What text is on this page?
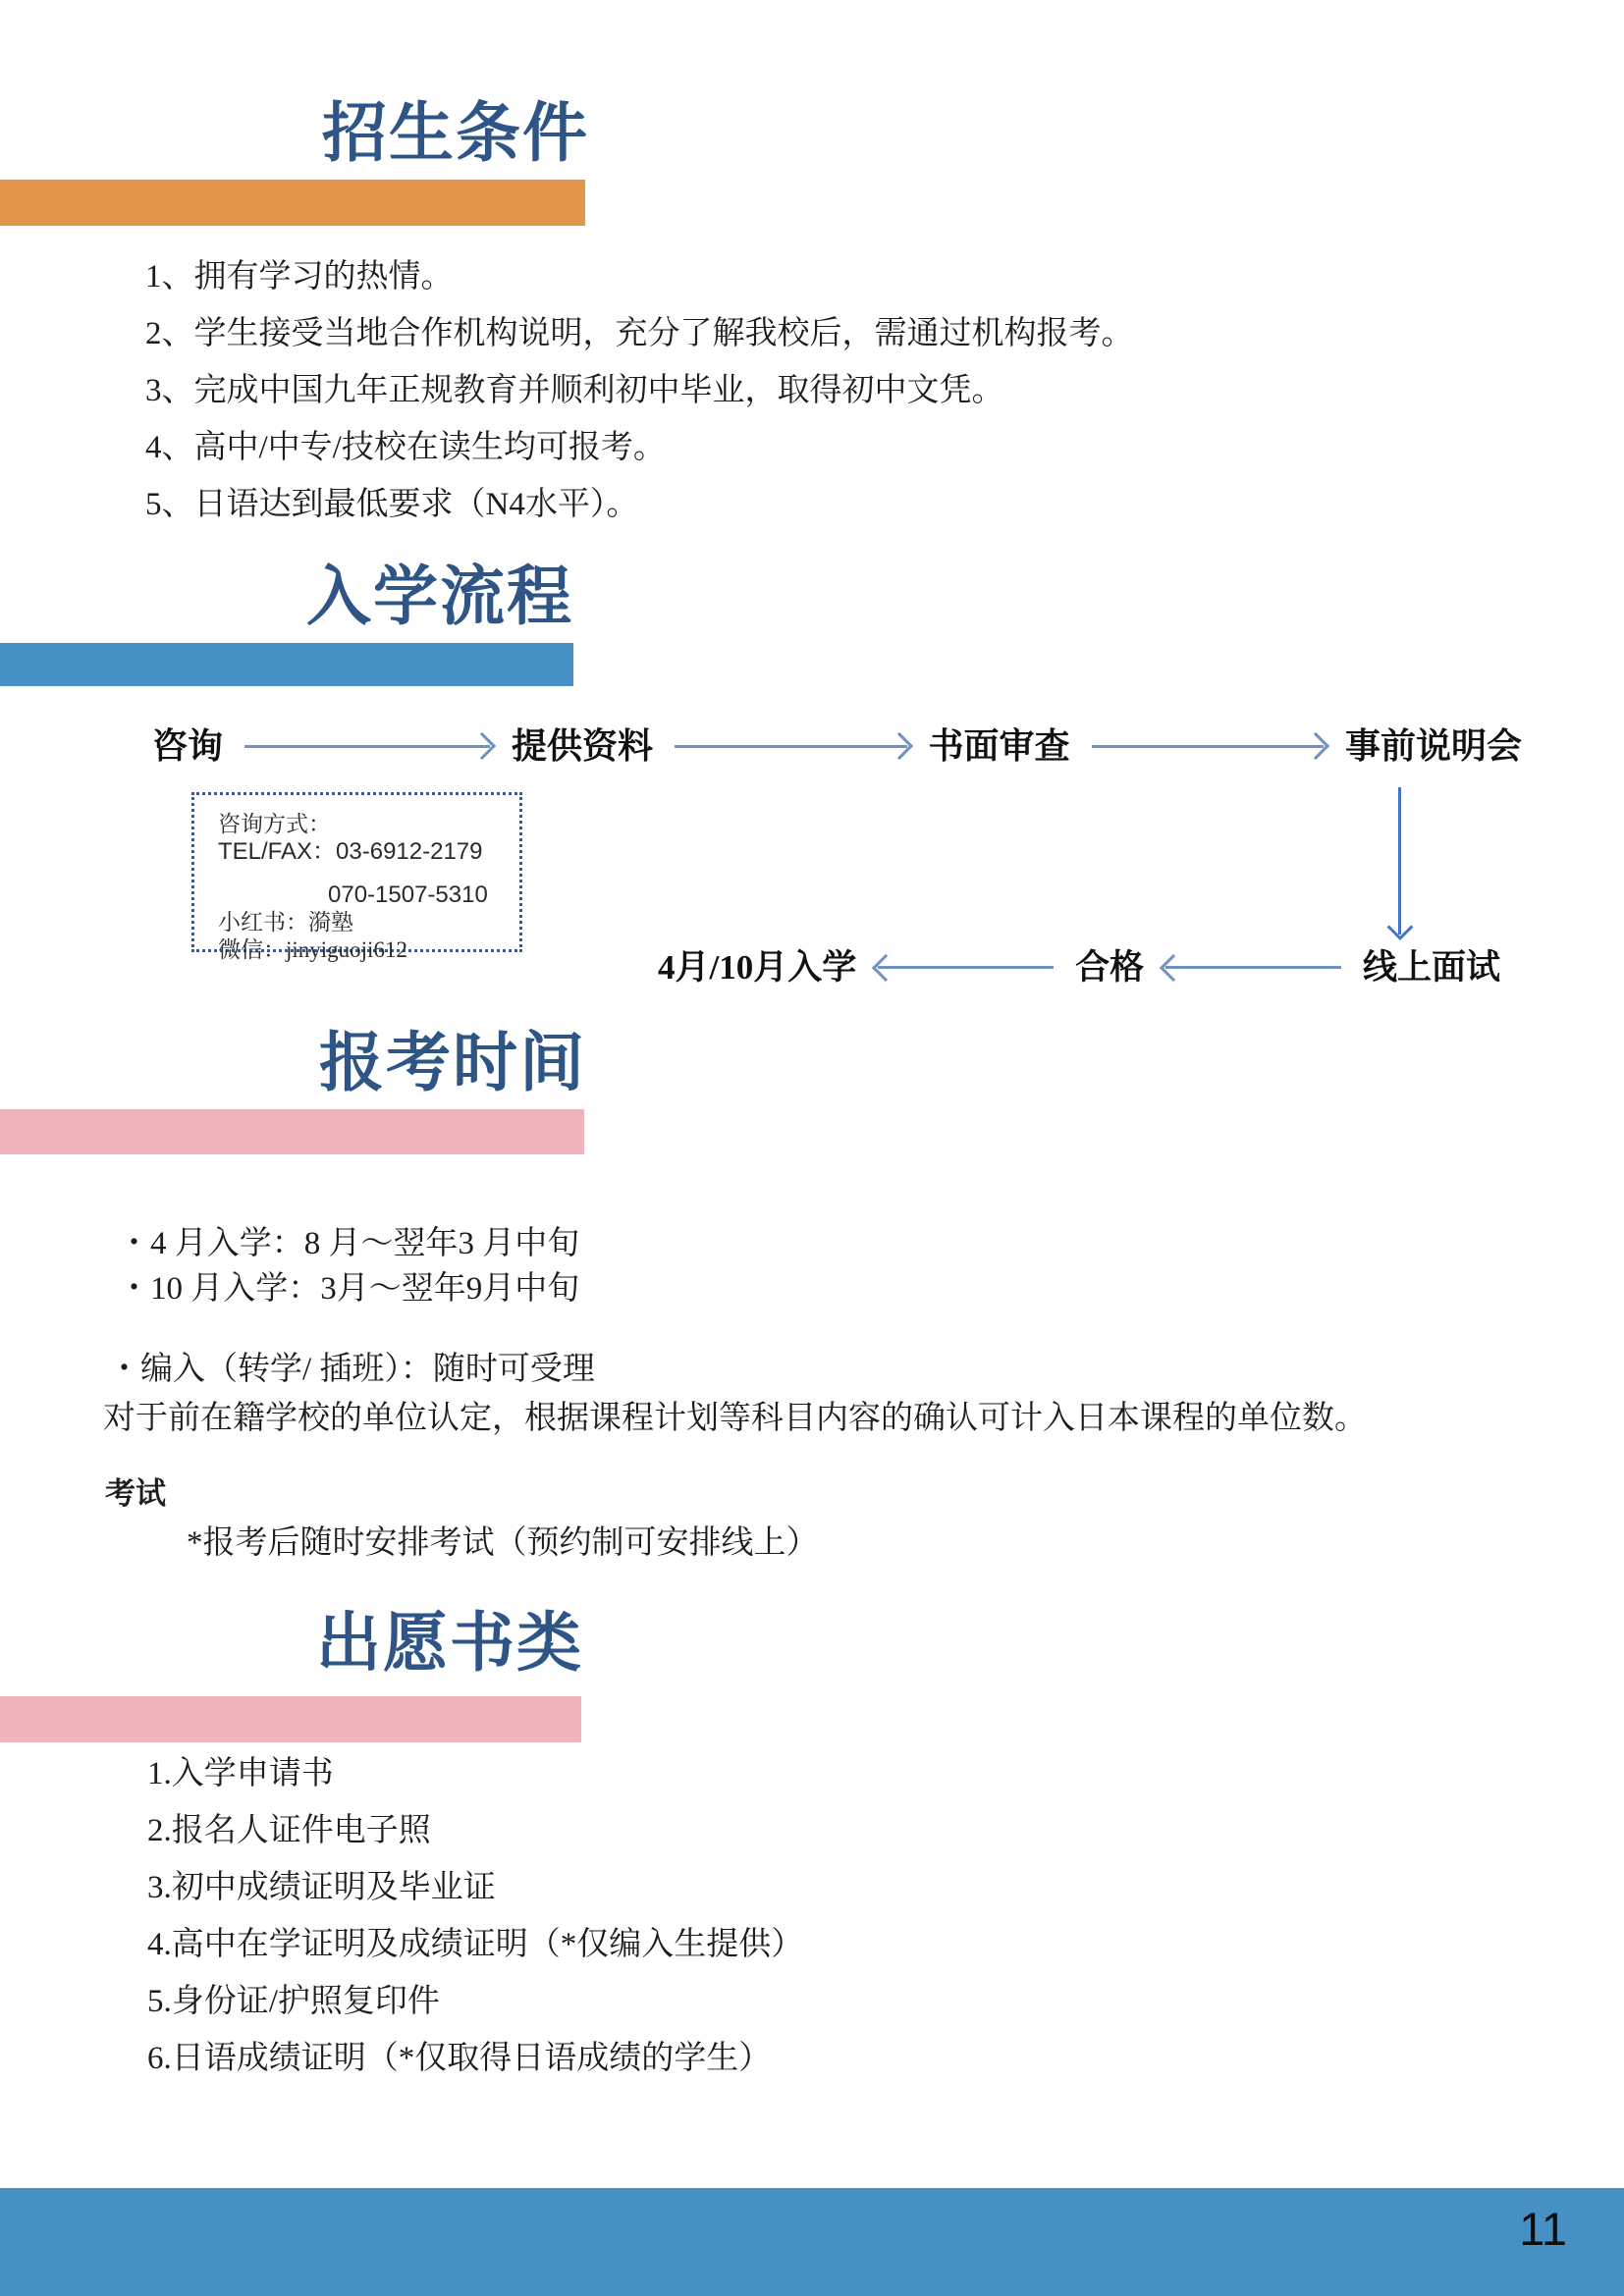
招生条件
1、拥有学习的热情。
2、学生接受当地合作机构说明，充分了解我校后，需通过机构报考。
3、完成中国九年正规教育并顺利初中毕业，取得初中文凭。
4、高中/中专/技校在读生均可报考。
5、日语达到最低要求（N4水平）。
入学流程
咨询	提供资料	书面审查	事前说明会
咨询方式：
TEL/FAX：03-6912-2179
070-1507-5310
小红书：漪塾
微信：jinyiguoji612	4月/10月入学	合格	线上面试
报考时间
・4 月入学：8 月～翌年3 月中旬
・10 月入学：3月～翌年9月中旬
・编入（转学/ 插班）：随时可受理
对于前在籍学校的单位认定，根据课程计划等科目内容的确认可计入日本课程的单位数。
考试
*报考后随时安排考试（预约制可安排线上）
出愿书类
1.入学申请书
2.报名人证件电子照
3.初中成绩证明及毕业证
4.高中在学证明及成绩证明（*仅编入生提供）
5.身份证/护照复印件
6.日语成绩证明（*仅取得日语成绩的学生）
11
